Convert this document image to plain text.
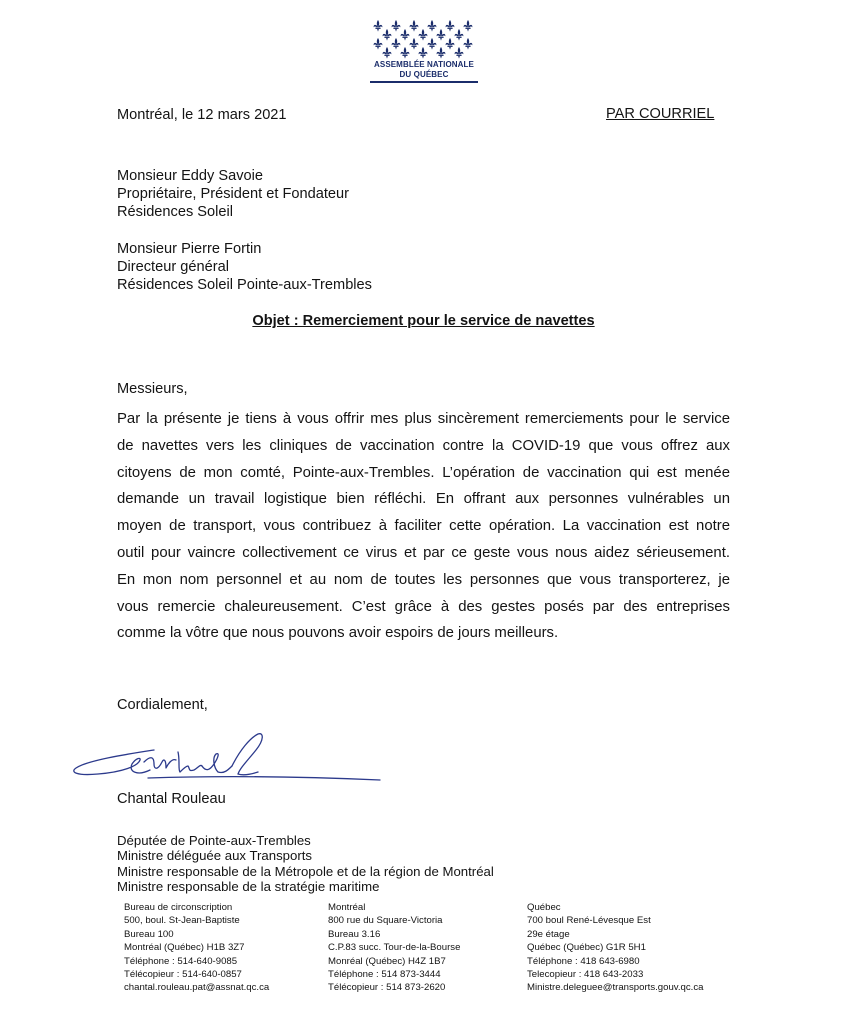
ASSEMBLÉE NATIONALE
DU QUÉBEC
Montréal, le 12 mars 2021	PAR COURRIEL
Monsieur Eddy Savoie
Propriétaire, Président et Fondateur
Résidences Soleil
Monsieur Pierre Fortin
Directeur général
Résidences Soleil Pointe-aux-Trembles
Objet : Remerciement pour le service de navettes
Messieurs,
Par la présente je tiens à vous offrir mes plus sincèrement remerciements pour le service
de navettes vers les cliniques de vaccination contre la COVID-19 que vous offrez aux
citoyens de mon comté, Pointe-aux-Trembles. L’opération de vaccination qui est menée
demande un travail logistique bien réfléchi. En offrant aux personnes vulnérables un
moyen de transport, vous contribuez à faciliter cette opération. La vaccination est notre
outil pour vaincre collectivement ce virus et par ce geste vous nous aidez sérieusement.
En mon nom personnel et au nom de toutes les personnes que vous transporterez, je
vous remercie chaleureusement. C’est grâce à des gestes posés par des entreprises
comme la vôtre que nous pouvons avoir espoirs de jours meilleurs.
Cordialement,
Chantal Rouleau
Députée de Pointe-aux-Trembles
Ministre déléguée aux Transports
Ministre responsable de la Métropole et de la région de Montréal
Ministre responsable de la stratégie maritime
Bureau de circonscription
500, boul. St-Jean-Baptiste
Bureau 100
Montréal (Québec) H1B 3Z7
Téléphone : 514-640-9085
Télécopieur : 514-640-0857
chantal.rouleau.pat@assnat.qc.ca
Montréal
800 rue du Square-Victoria
Bureau 3.16
C.P.83 succ. Tour-de-la-Bourse
Monréal (Québec) H4Z 1B7
Téléphone : 514 873-3444
Télécopieur : 514 873-2620
Québec
700 boul René-Lévesque Est
29e étage
Québec (Québec) G1R 5H1
Téléphone : 418 643-6980
Telecopieur : 418 643-2033
Ministre.deleguee@transports.gouv.qc.ca
